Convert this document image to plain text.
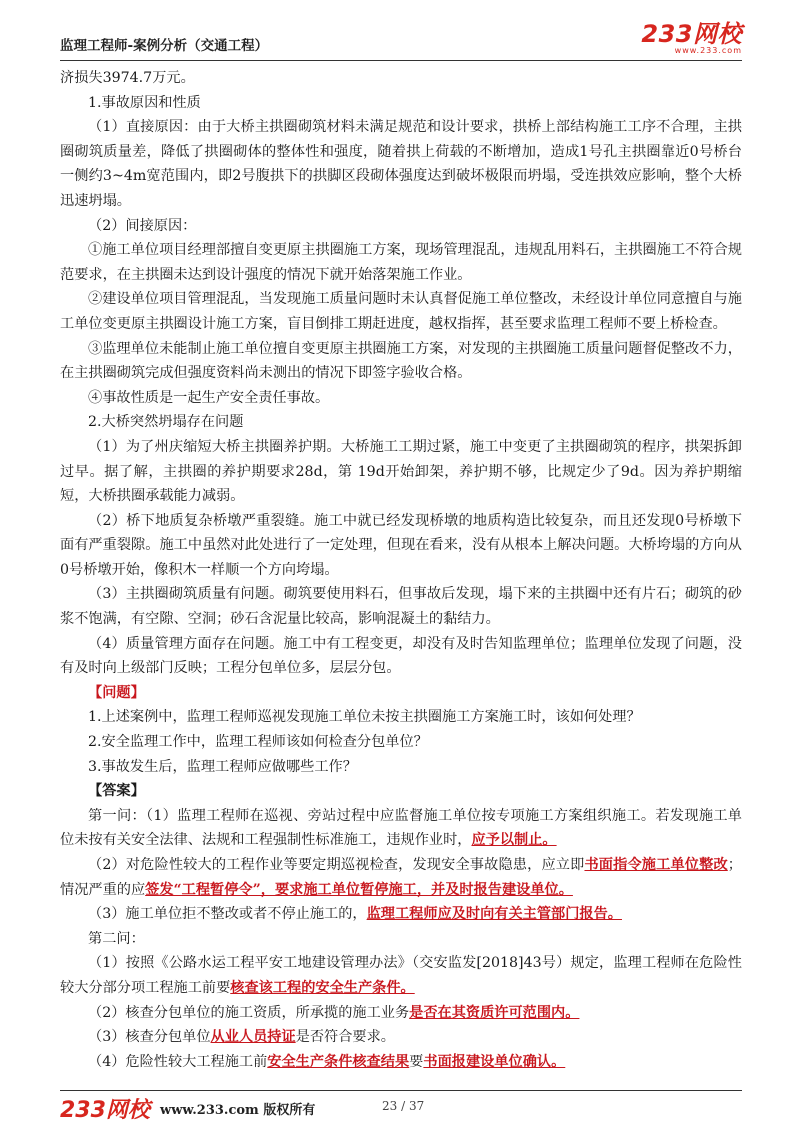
监理工程师-案例分析（交通工程）	233网校
www.233.com

济损失3974.7万元。

1.事故原因和性质

（1）直接原因：由于大桥主拱圈砌筑材料未满足规范和设计要求，拱桥上部结构施工工序不合理，主拱圈砌筑质量差，降低了拱圈砌体的整体性和强度，随着拱上荷载的不断增加，造成1号孔主拱圈靠近0号桥台一侧约3~4m宽范围内，即2号腹拱下的拱脚区段砌体强度达到破坏极限而坍塌，受连拱效应影响，整个大桥迅速坍塌。

（2）间接原因：

①施工单位项目经理部擅自变更原主拱圈施工方案，现场管理混乱，违规乱用料石，主拱圈施工不符合规范要求，在主拱圈未达到设计强度的情况下就开始落架施工作业。

②建设单位项目管理混乱，当发现施工质量问题时未认真督促施工单位整改，未经设计单位同意擅自与施工单位变更原主拱圈设计施工方案，盲目倒排工期赶进度，越权指挥，甚至要求监理工程师不要上桥检查。

③监理单位未能制止施工单位擅自变更原主拱圈施工方案，对发现的主拱圈施工质量问题督促整改不力，在主拱圈砌筑完成但强度资料尚未测出的情况下即签字验收合格。

④事故性质是一起生产安全责任事故。

2.大桥突然坍塌存在问题

（1）为了州庆缩短大桥主拱圈养护期。大桥施工工期过紧，施工中变更了主拱圈砌筑的程序，拱架拆卸过早。据了解，主拱圈的养护期要求28d，第 19d开始卸架，养护期不够，比规定少了9d。因为养护期缩短，大桥拱圈承载能力减弱。

（2）桥下地质复杂桥墩严重裂缝。施工中就已经发现桥墩的地质构造比较复杂，而且还发现0号桥墩下面有严重裂隙。施工中虽然对此处进行了一定处理，但现在看来，没有从根本上解决问题。大桥垮塌的方向从0号桥墩开始，像积木一样顺一个方向垮塌。

（3）主拱圈砌筑质量有问题。砌筑要使用料石，但事故后发现，塌下来的主拱圈中还有片石；砌筑的砂浆不饱满，有空隙、空洞；砂石含泥量比较高，影响混凝土的黏结力。

（4）质量管理方面存在问题。施工中有工程变更，却没有及时告知监理单位；监理单位发现了问题，没有及时向上级部门反映；工程分包单位多，层层分包。

【问题】

1.上述案例中，监理工程师巡视发现施工单位未按主拱圈施工方案施工时，该如何处理？

2.安全监理工作中，监理工程师该如何检查分包单位？

3.事故发生后，监理工程师应做哪些工作？

【答案】

第一问：（1）监理工程师在巡视、旁站过程中应监督施工单位按专项施工方案组织施工。若发现施工单位未按有关安全法律、法规和工程强制性标准施工，违规作业时，应予以制止。

（2）对危险性较大的工程作业等要定期巡视检查，发现安全事故隐患，应立即书面指令施工单位整改；情况严重的应签发“工程暂停令”，要求施工单位暂停施工，并及时报告建设单位。

（3）施工单位拒不整改或者不停止施工的，监理工程师应及时向有关主管部门报告。

第二问：

（1）按照《公路水运工程平安工地建设管理办法》（交安监发[2018]43号）规定，监理工程师在危险性较大分部分项工程施工前要核查该工程的安全生产条件。

（2）核查分包单位的施工资质，所承揽的施工业务是否在其资质许可范围内。

（3）核查分包单位从业人员持证是否符合要求。

（4）危险性较大工程施工前安全生产条件核查结果要书面报建设单位确认。

233网校 www.233.com 版权所有	23 / 37
